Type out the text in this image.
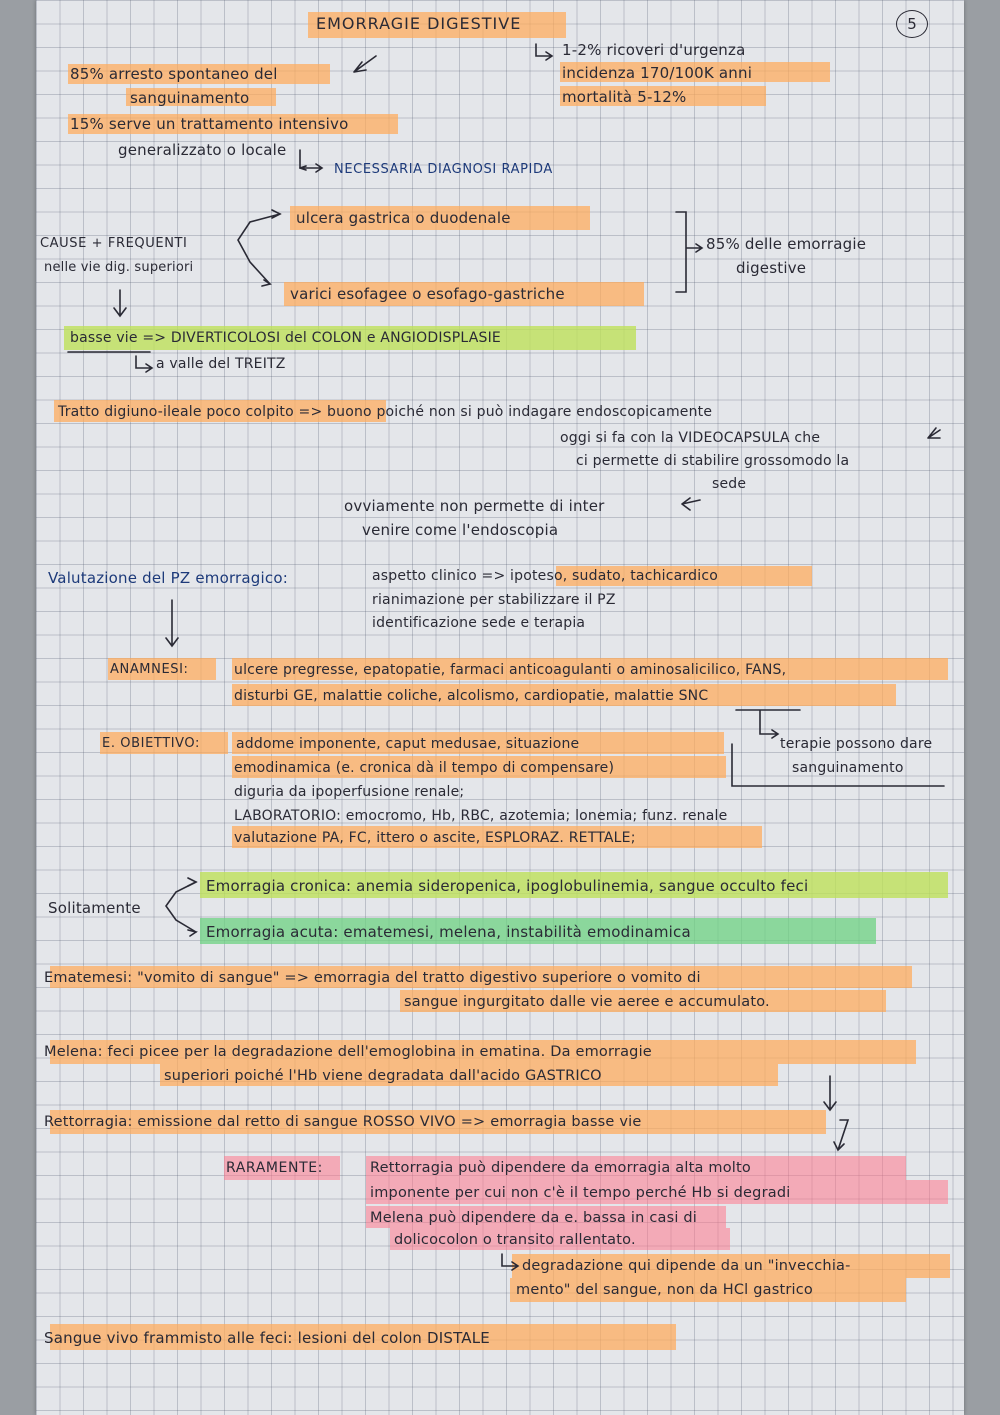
5
EMORRAGIE DIGESTIVE
1-2% ricoveri d'urgenza
incidenza 170/100K anni
mortalità 5-12%
85% arresto spontaneo del
sanguinamento
15% serve un trattamento intensivo
generalizzato o locale
NECESSARIA DIAGNOSI RAPIDA
CAUSE + FREQUENTI
nelle vie dig. superiori
ulcera gastrica o duodenale
varici esofagee o esofago-gastriche
85% delle emorragie
digestive
basse vie => DIVERTICOLOSI del COLON e ANGIODISPLASIE
a valle del TREITZ
Tratto digiuno-ileale poco colpito => buono poiché non si può indagare endoscopicamente
oggi si fa con la VIDEOCAPSULA che
ci permette di stabilire grossomodo la
sede
ovviamente non permette di inter
venire come l'endoscopia
Valutazione del PZ emorragico:	aspetto clinico => ipoteso, sudato, tachicardico
rianimazione per stabilizzare il PZ
identificazione sede e terapia
ANAMNESI:	ulcere pregresse, epatopatie, farmaci anticoagulanti o aminosalicilico, FANS,
disturbi GE, malattie coliche, alcolismo, cardiopatie, malattie SNC
terapie possono dare
sanguinamento
E. OBIETTIVO:	addome imponente, caput medusae, situazione
emodinamica (e. cronica dà il tempo di compensare)
diguria da ipoperfusione renale;
LABORATORIO: emocromo, Hb, RBC, azotemia; lonemia; funz. renale
valutazione PA, FC, ittero o ascite, ESPLORAZ. RETTALE;
Solitamente
Emorragia cronica: anemia sideropenica, ipoglobulinemia, sangue occulto feci
Emorragia acuta: ematemesi, melena, instabilità emodinamica
Ematemesi: "vomito di sangue" => emorragia del tratto digestivo superiore o vomito di
sangue ingurgitato dalle vie aeree e accumulato.
Melena: feci picee per la degradazione dell'emoglobina in ematina. Da emorragie
superiori poiché l'Hb viene degradata dall'acido GASTRICO
Rettorragia: emissione dal retto di sangue ROSSO VIVO => emorragia basse vie
RARAMENTE:	Rettorragia può dipendere da emorragia alta molto
imponente per cui non c'è il tempo perché Hb si degradi
Melena può dipendere da e. bassa in casi di
dolicocolon o transito rallentato.
degradazione qui dipende da un "invecchia-
mento" del sangue, non da HCl gastrico
Sangue vivo frammisto alle feci: lesioni del colon DISTALE
